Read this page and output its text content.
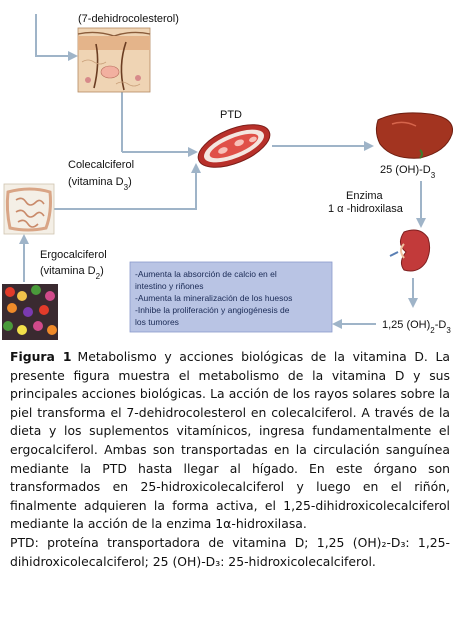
(7-dehidrocolesterol)
PTD
Colecalciferol
(vitamina $D_3$)
25 $(OH)-D_3$
Enzima
1 α -hidroxilasa
Ergocalciferol
(vitamina $D_2$)
1,25 $(OH)_2-D_3$
-Aumenta la absorción de calcio en el
intestino y riñones
-Aumenta la mineralización de los huesos
-Inhibe la proliferación y angiogénesis de
los tumores

Figura 1 Metabolismo y acciones biológicas de la vitamina D. La presente figura muestra el metabolismo de la vitamina D y sus principales acciones biológicas. La acción de los rayos solares sobre la piel transforma el 7-dehidrocolesterol en colecalciferol. A través de la dieta y los suplementos vitamínicos, ingresa fundamentalmente el ergocalciferol. Ambas son transportadas en la circulación sanguínea mediante la PTD hasta llegar al hígado. En este órgano son transformados en 25-hidroxicolecalciferol y luego en el riñón, finalmente adquieren la forma activa, el 1,25-dihidroxicolecalciferol mediante la acción de la enzima 1α-hidroxilasa.

PTD: proteína transportadora de vitamina D; 1,25 (OH)₂-D₃: 1,25-dihidroxicolecalciferol; 25 (OH)-D₃: 25-hidroxicolecalciferol.
